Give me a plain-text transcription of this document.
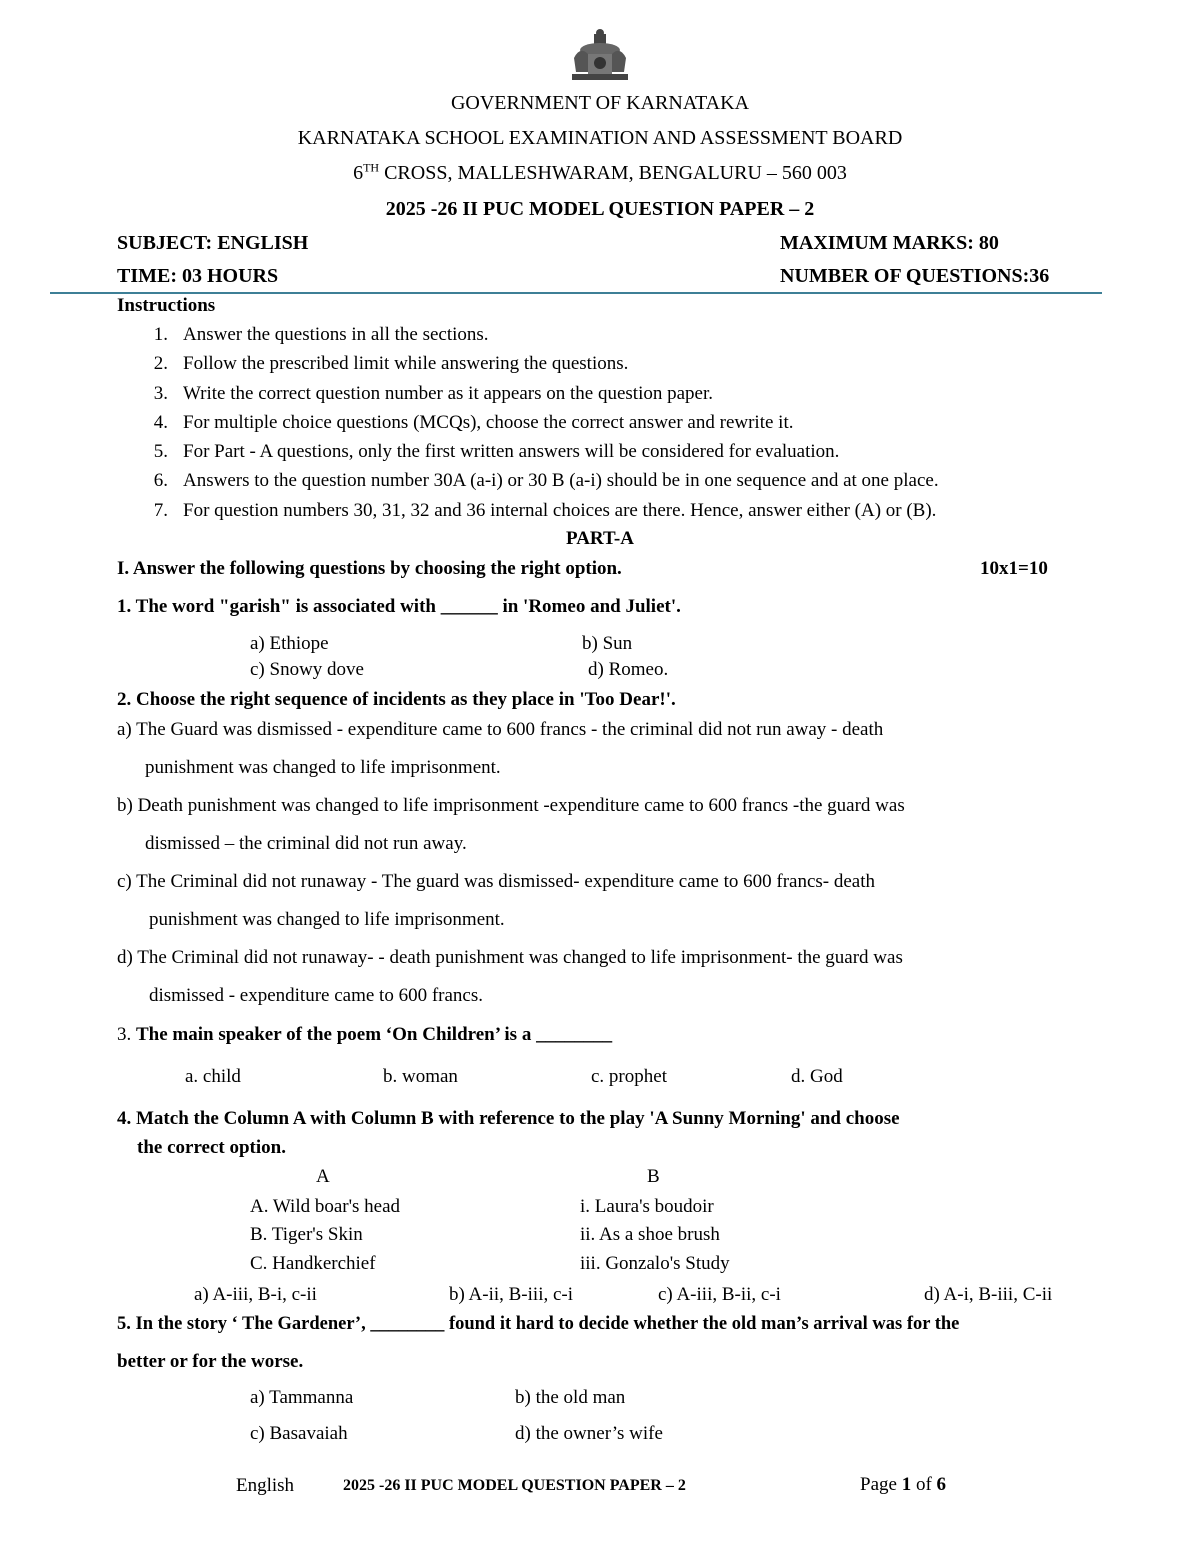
GOVERNMENT OF KARNATAKA
KARNATAKA SCHOOL EXAMINATION AND ASSESSMENT BOARD
6TH CROSS, MALLESHWARAM, BENGALURU – 560 003
2025 -26 II PUC MODEL QUESTION PAPER – 2
SUBJECT: ENGLISH	MAXIMUM MARKS: 80
TIME: 03 HOURS	NUMBER OF QUESTIONS:36
Instructions
1. Answer the questions in all the sections.
2. Follow the prescribed limit while answering the questions.
3. Write the correct question number as it appears on the question paper.
4. For multiple choice questions (MCQs), choose the correct answer and rewrite it.
5. For Part - A questions, only the first written answers will be considered for evaluation.
6. Answers to the question number 30A (a-i) or 30 B (a-i) should be in one sequence and at one place.
7. For question numbers 30, 31, 32 and 36 internal choices are there. Hence, answer either (A) or (B).
PART-A
I. Answer the following questions by choosing the right option.	10x1=10
1. The word "garish" is associated with ______ in 'Romeo and Juliet'.
a) Ethiope	b) Sun
c) Snowy dove	d) Romeo.
2. Choose the right sequence of incidents as they place in 'Too Dear!'.
a) The Guard was dismissed - expenditure came to 600 francs - the criminal did not run away - death
punishment was changed to life imprisonment.
b) Death punishment was changed to life imprisonment -expenditure came to 600 francs -the guard was
dismissed – the criminal did not run away.
c) The Criminal did not runaway - The guard was dismissed- expenditure came to 600 francs- death
punishment was changed to life imprisonment.
d) The Criminal did not runaway- - death punishment was changed to life imprisonment- the guard was
dismissed - expenditure came to 600 francs.
3. The main speaker of the poem ‘On Children’ is a ________
a. child	b. woman	c. prophet	d. God
4. Match the Column A with Column B with reference to the play 'A Sunny Morning' and choose
the correct option.
A	B
A. Wild boar's head	i. Laura's boudoir
B. Tiger's Skin	ii. As a shoe brush
C. Handkerchief	iii. Gonzalo's Study
a) A-iii, B-i, c-ii	b) A-ii, B-iii, c-i	c) A-iii, B-ii, c-i	d) A-i, B-iii, C-ii
5. In the story ‘ The Gardener’, ________ found it hard to decide whether the old man’s arrival was for the
better or for the worse.
a) Tammanna	b) the old man
c) Basavaiah	d) the owner’s wife
English	2025 -26 II PUC MODEL QUESTION PAPER – 2	Page 1 of 6
